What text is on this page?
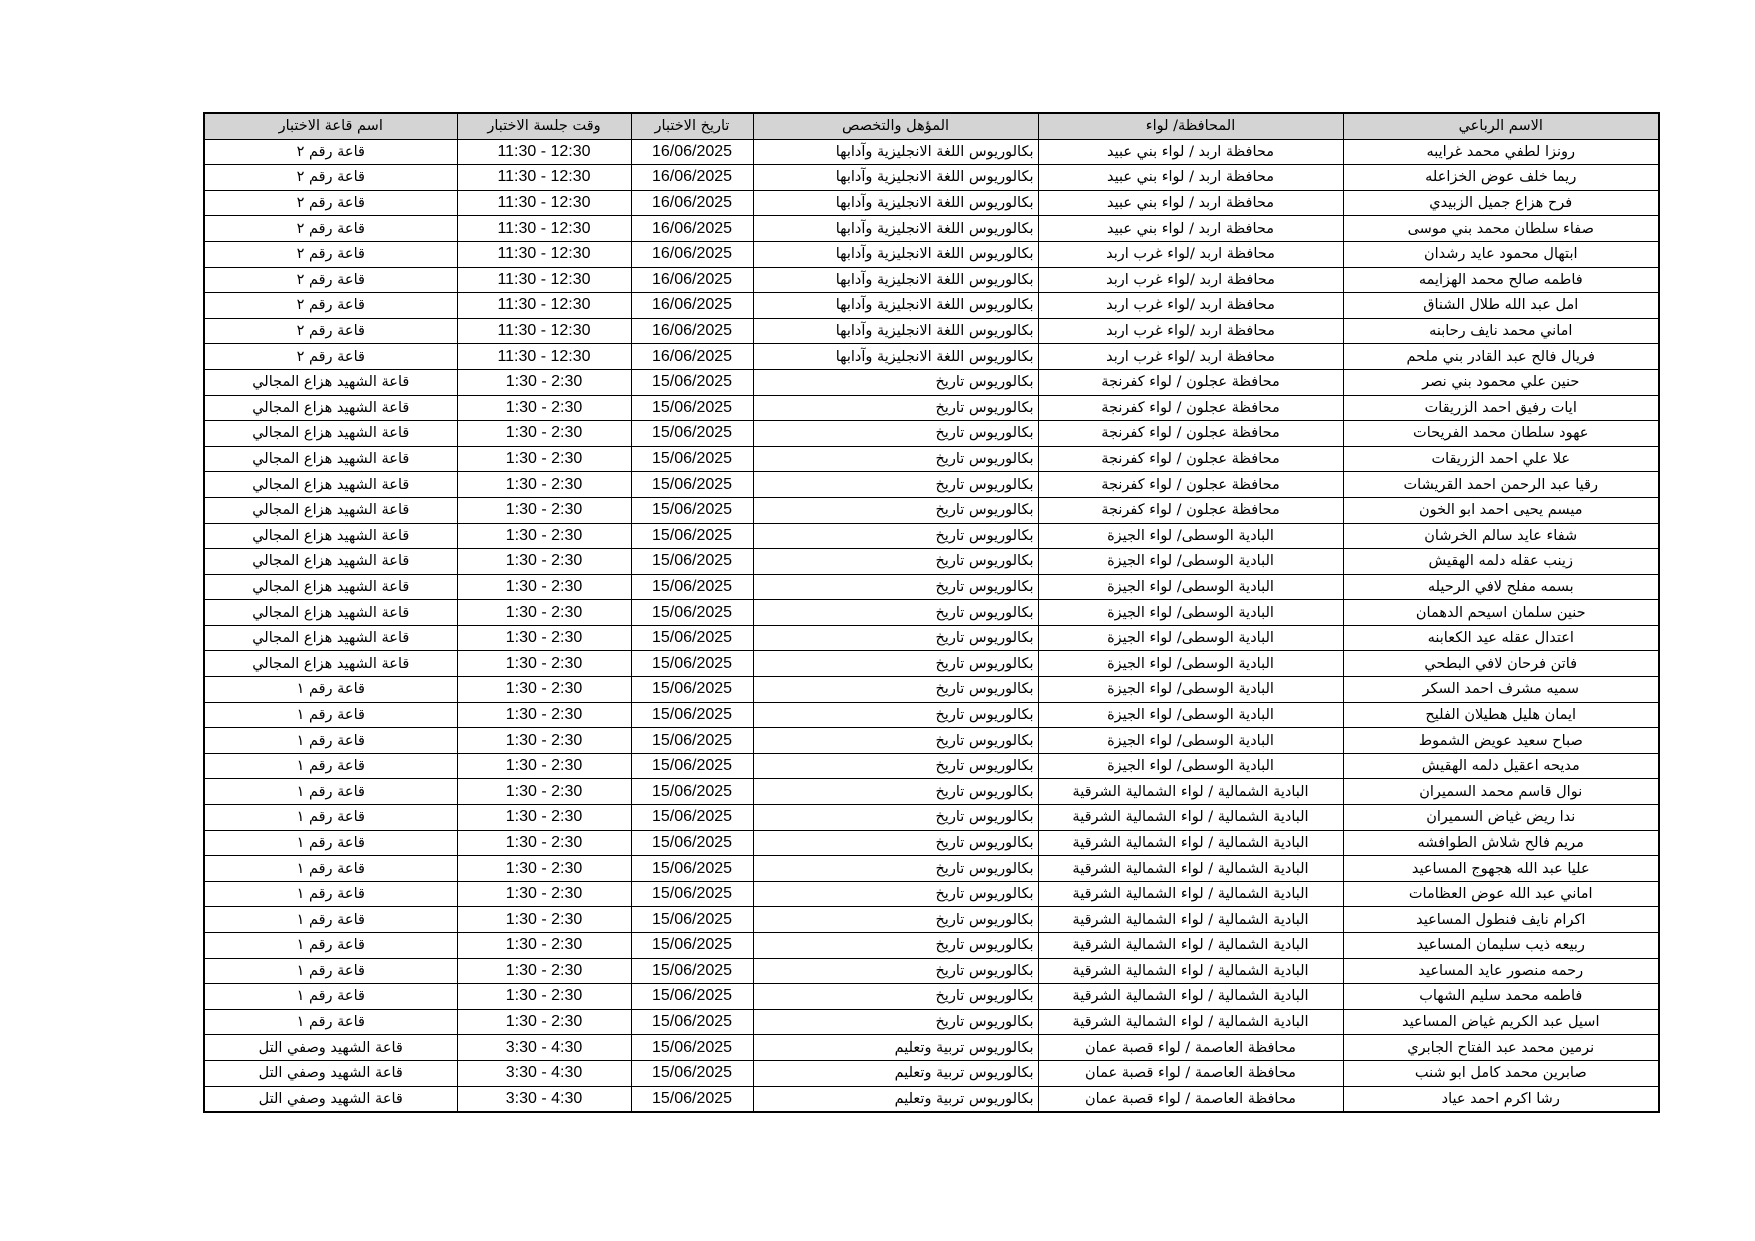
الاسم الرباعي	المحافظة/ لواء	المؤهل والتخصص	تاريخ الاختبار	وقت جلسة الاختبار	اسم قاعة الاختبار
رونزا لطفي محمد غرايبه	محافظة اربد / لواء بني عبيد	بكالوريوس اللغة الانجليزية وآدابها	16/06/2025	11:30 - 12:30	قاعة رقم ٢
ريما خلف عوض الخزاعله	محافظة اربد / لواء بني عبيد	بكالوريوس اللغة الانجليزية وآدابها	16/06/2025	11:30 - 12:30	قاعة رقم ٢
فرح هزاع جميل الزبيدي	محافظة اربد / لواء بني عبيد	بكالوريوس اللغة الانجليزية وآدابها	16/06/2025	11:30 - 12:30	قاعة رقم ٢
صفاء سلطان محمد بني موسى	محافظة اربد / لواء بني عبيد	بكالوريوس اللغة الانجليزية وآدابها	16/06/2025	11:30 - 12:30	قاعة رقم ٢
ابتهال محمود عايد رشدان	محافظة اربد /لواء غرب اربد	بكالوريوس اللغة الانجليزية وآدابها	16/06/2025	11:30 - 12:30	قاعة رقم ٢
فاطمه صالح محمد الهزايمه	محافظة اربد /لواء غرب اربد	بكالوريوس اللغة الانجليزية وآدابها	16/06/2025	11:30 - 12:30	قاعة رقم ٢
امل عبد الله طلال الشناق	محافظة اربد /لواء غرب اربد	بكالوريوس اللغة الانجليزية وآدابها	16/06/2025	11:30 - 12:30	قاعة رقم ٢
اماني محمد نايف رحابنه	محافظة اربد /لواء غرب اربد	بكالوريوس اللغة الانجليزية وآدابها	16/06/2025	11:30 - 12:30	قاعة رقم ٢
فريال فالح عبد القادر بني ملحم	محافظة اربد /لواء غرب اربد	بكالوريوس اللغة الانجليزية وآدابها	16/06/2025	11:30 - 12:30	قاعة رقم ٢
حنين علي محمود بني نصر	محافظة عجلون / لواء كفرنجة	بكالوريوس تاريخ	15/06/2025	1:30 - 2:30	قاعة الشهيد هزاع المجالي
ايات رفيق احمد الزريقات	محافظة عجلون / لواء كفرنجة	بكالوريوس تاريخ	15/06/2025	1:30 - 2:30	قاعة الشهيد هزاع المجالي
عهود سلطان محمد الفريحات	محافظة عجلون / لواء كفرنجة	بكالوريوس تاريخ	15/06/2025	1:30 - 2:30	قاعة الشهيد هزاع المجالي
علا علي احمد الزريقات	محافظة عجلون / لواء كفرنجة	بكالوريوس تاريخ	15/06/2025	1:30 - 2:30	قاعة الشهيد هزاع المجالي
رقيا عبد الرحمن احمد القريشات	محافظة عجلون / لواء كفرنجة	بكالوريوس تاريخ	15/06/2025	1:30 - 2:30	قاعة الشهيد هزاع المجالي
ميسم يحيى احمد ابو الخون	محافظة عجلون / لواء كفرنجة	بكالوريوس تاريخ	15/06/2025	1:30 - 2:30	قاعة الشهيد هزاع المجالي
شفاء عايد سالم الخرشان	البادية الوسطى/ لواء الجيزة	بكالوريوس تاريخ	15/06/2025	1:30 - 2:30	قاعة الشهيد هزاع المجالي
زينب عقله دلمه الهقيش	البادية الوسطى/ لواء الجيزة	بكالوريوس تاريخ	15/06/2025	1:30 - 2:30	قاعة الشهيد هزاع المجالي
بسمه مفلح لافي الرحيله	البادية الوسطى/ لواء الجيزة	بكالوريوس تاريخ	15/06/2025	1:30 - 2:30	قاعة الشهيد هزاع المجالي
حنين سلمان اسيحم الدهمان	البادية الوسطى/ لواء الجيزة	بكالوريوس تاريخ	15/06/2025	1:30 - 2:30	قاعة الشهيد هزاع المجالي
اعتدال عقله عيد الكعابنه	البادية الوسطى/ لواء الجيزة	بكالوريوس تاريخ	15/06/2025	1:30 - 2:30	قاعة الشهيد هزاع المجالي
فاتن فرحان لافي البطحي	البادية الوسطى/ لواء الجيزة	بكالوريوس تاريخ	15/06/2025	1:30 - 2:30	قاعة الشهيد هزاع المجالي
سميه مشرف احمد السكر	البادية الوسطى/ لواء الجيزة	بكالوريوس تاريخ	15/06/2025	1:30 - 2:30	قاعة رقم ١
ايمان هليل هطيلان الفليح	البادية الوسطى/ لواء الجيزة	بكالوريوس تاريخ	15/06/2025	1:30 - 2:30	قاعة رقم ١
صباح سعيد عويض الشموط	البادية الوسطى/ لواء الجيزة	بكالوريوس تاريخ	15/06/2025	1:30 - 2:30	قاعة رقم ١
مديحه اعقيل دلمه الهقيش	البادية الوسطى/ لواء الجيزة	بكالوريوس تاريخ	15/06/2025	1:30 - 2:30	قاعة رقم ١
نوال قاسم محمد السميران	البادية الشمالية / لواء الشمالية الشرقية	بكالوريوس تاريخ	15/06/2025	1:30 - 2:30	قاعة رقم ١
ندا ريض غياض السميران	البادية الشمالية / لواء الشمالية الشرقية	بكالوريوس تاريخ	15/06/2025	1:30 - 2:30	قاعة رقم ١
مريم فالح شلاش الطوافشه	البادية الشمالية / لواء الشمالية الشرقية	بكالوريوس تاريخ	15/06/2025	1:30 - 2:30	قاعة رقم ١
عليا عبد الله هجهوج المساعيد	البادية الشمالية / لواء الشمالية الشرقية	بكالوريوس تاريخ	15/06/2025	1:30 - 2:30	قاعة رقم ١
اماني عبد الله عوض العظامات	البادية الشمالية / لواء الشمالية الشرقية	بكالوريوس تاريخ	15/06/2025	1:30 - 2:30	قاعة رقم ١
اكرام نايف فنطول المساعيد	البادية الشمالية / لواء الشمالية الشرقية	بكالوريوس تاريخ	15/06/2025	1:30 - 2:30	قاعة رقم ١
ربيعه ذيب سليمان المساعيد	البادية الشمالية / لواء الشمالية الشرقية	بكالوريوس تاريخ	15/06/2025	1:30 - 2:30	قاعة رقم ١
رحمه منصور عايد المساعيد	البادية الشمالية / لواء الشمالية الشرقية	بكالوريوس تاريخ	15/06/2025	1:30 - 2:30	قاعة رقم ١
فاطمه محمد سليم الشهاب	البادية الشمالية / لواء الشمالية الشرقية	بكالوريوس تاريخ	15/06/2025	1:30 - 2:30	قاعة رقم ١
اسيل عبد الكريم غياض المساعيد	البادية الشمالية / لواء الشمالية الشرقية	بكالوريوس تاريخ	15/06/2025	1:30 - 2:30	قاعة رقم ١
نرمين محمد عبد الفتاح الجابري	محافظة العاصمة / لواء قصبة عمان	بكالوريوس تربية وتعليم	15/06/2025	3:30 - 4:30	قاعة الشهيد وصفي التل
صابرين محمد كامل ابو شنب	محافظة العاصمة / لواء قصبة عمان	بكالوريوس تربية وتعليم	15/06/2025	3:30 - 4:30	قاعة الشهيد وصفي التل
رشا اكرم احمد عياد	محافظة العاصمة / لواء قصبة عمان	بكالوريوس تربية وتعليم	15/06/2025	3:30 - 4:30	قاعة الشهيد وصفي التل
